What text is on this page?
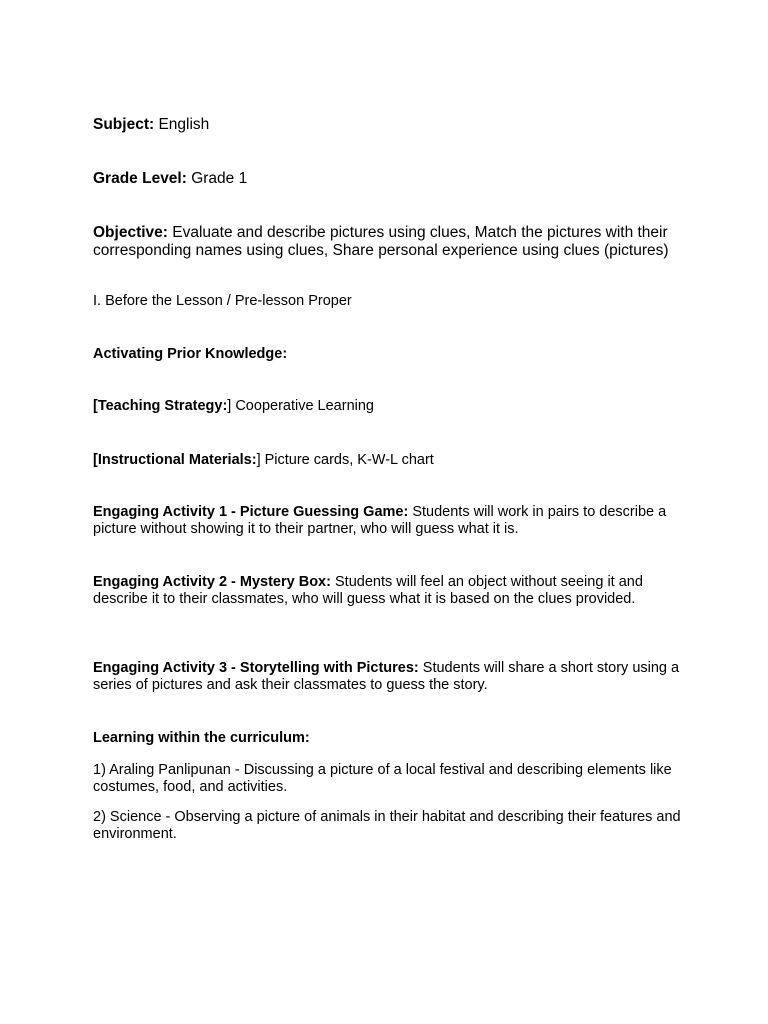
Subject: English

Grade Level: Grade 1

Objective: Evaluate and describe pictures using clues, Match the pictures with their corresponding names using clues, Share personal experience using clues (pictures)

I. Before the Lesson / Pre-lesson Proper

Activating Prior Knowledge:

[Teaching Strategy:] Cooperative Learning

[Instructional Materials:] Picture cards, K-W-L chart

Engaging Activity 1 - Picture Guessing Game: Students will work in pairs to describe a picture without showing it to their partner, who will guess what it is.

Engaging Activity 2 - Mystery Box: Students will feel an object without seeing it and describe it to their classmates, who will guess what it is based on the clues provided.

Engaging Activity 3 - Storytelling with Pictures: Students will share a short story using a series of pictures and ask their classmates to guess the story.

Learning within the curriculum:

1) Araling Panlipunan - Discussing a picture of a local festival and describing elements like costumes, food, and activities.

2) Science - Observing a picture of animals in their habitat and describing their features and environment.
